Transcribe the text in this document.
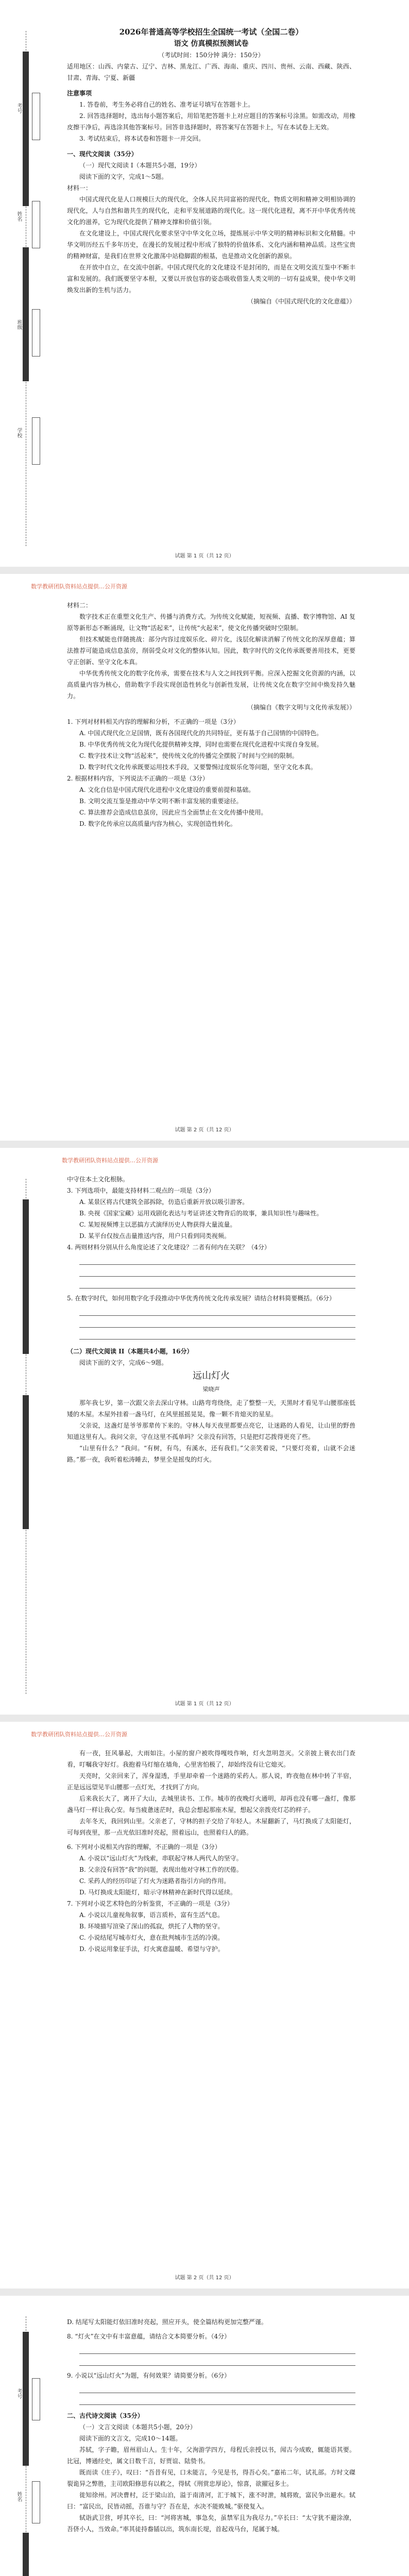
考号
姓名
班级
学校
2026年普通高等学校招生全国统一考试（全国二卷）
语文 仿真模拟预测试卷
（考试时间：150分钟 满分：150分）

适用地区：山西、内蒙古、辽宁、吉林、黑龙江、广西、海南、重庆、四川、贵州、云南、西藏、陕西、甘肃、青海、宁夏、新疆

注意事项

1. 答卷前，考生务必将自己的姓名、准考证号填写在答题卡上。

2. 回答选择题时，选出每小题答案后，用铅笔把答题卡上对应题目的答案标号涂黑。如需改动，用橡皮擦干净后，再选涂其他答案标号。回答非选择题时，将答案写在答题卡上，写在本试卷上无效。

3. 考试结束后，将本试卷和答题卡一并交回。

一、现代文阅读（35分）

（一）现代文阅读 I（本题共5小题，19分）

阅读下面的文字，完成1～5题。

材料一：

中国式现代化是人口规模巨大的现代化，全体人民共同富裕的现代化，物质文明和精神文明相协调的现代化，人与自然和谐共生的现代化，走和平发展道路的现代化。这一现代化进程，离不开中华优秀传统文化的滋养，它为现代化提供了精神支撑和价值引领。

在文化建设上，中国式现代化要求坚守中华文化立场，提炼展示中华文明的精神标识和文化精髓。中华文明历经五千多年历史，在漫长的发展过程中形成了独特的价值体系、文化内涵和精神品质。这些宝贵的精神财富，是我们在世界文化激荡中站稳脚跟的根基，也是推动文化创新的源泉。

在开放中自立，在交流中创新。中国式现代化的文化建设不是封闭的，而是在文明交流互鉴中不断丰富和发展的。我们既要坚守本根，又要以开放包容的姿态吸收借鉴人类文明的一切有益成果，使中华文明焕发出新的生机与活力。

（摘编自《中国式现代化的文化意蕴》）

试题 第 1 页（共 12 页）
数学教研团队资料站点提供…公开资源

材料二：

数字技术正在重塑文化生产、传播与消费方式。为传统文化赋能，短视频、直播、数字博物馆、AI 复原等新形态不断涌现，让文物“活起来”，让传统“火起来”，使文化传播突破时空限制。

但技术赋能也伴随挑战：部分内容过度娱乐化、碎片化，浅层化解读消解了传统文化的深厚意蕴；算法推荐可能造成信息茧房，削弱受众对文化的整体认知。因此，数字时代的文化传承既要善用技术，更要守正创新、坚守文化本真。

中华优秀传统文化的数字化传承，需要在技术与人文之间找到平衡。应深入挖掘文化资源的内涵，以高质量内容为核心，借助数字手段实现创造性转化与创新性发展，让传统文化在数字空间中焕发持久魅力。

（摘编自《数字文明与文化传承发展》）

1. 下列对材料相关内容的理解和分析，不正确的一项是（3分）

A. 中国式现代化立足国情，既有各国现代化的共同特征，更有基于自己国情的中国特色。

B. 中华优秀传统文化为现代化提供精神支撑，同时也需要在现代化进程中实现自身发展。

C. 数字技术让文物“活起来”，使传统文化的传播完全摆脱了时间与空间的限制。

D. 数字时代文化传承既要运用技术手段，又要警惕过度娱乐化等问题，坚守文化本真。

2. 根据材料内容，下列说法不正确的一项是（3分）

A. 文化自信是中国式现代化进程中文化建设的重要前提和基础。

B. 文明交流互鉴是推动中华文明不断丰富发展的重要途径。

C. 算法推荐会造成信息茧房，因此应当全面禁止在文化传播中使用。

D. 数字化传承应以高质量内容为核心，实现创造性转化。

试题 第 2 页（共 12 页）
数学教研团队资料站点提供…公开资源

中守住本土文化根脉。

3. 下列选项中，最能支持材料二观点的一项是（3分）

A. 某景区将古代建筑全部拆除，仿造后重新开放以吸引游客。

B. 央视《国家宝藏》运用戏剧化表达与考证讲述文物背后的故事，兼具知识性与趣味性。

C. 某短视频博主以恶搞方式演绎历史人物获得大量流量。

D. 某平台仅按点击量推送内容，用户只看到同类视频。

4. 两则材料分别从什么角度论述了文化建设？二者有何内在关联？（4分）

5. 在数字时代，如何用数字化手段推动中华优秀传统文化传承发展？请结合材料简要概括。（6分）

（二）现代文阅读 II（本题共4小题，16分）

阅读下面的文字，完成6～9题。

远山灯火
梁晓声

那年我七岁，第一次跟父亲去深山守林。山路弯弯绕绕，走了整整一天，天黑时才看见半山腰那座低矮的木屋。木屋外挂着一盏马灯，在风里摇摇晃晃，像一颗不肯熄灭的星星。

父亲说，这盏灯是爷爷那辈传下来的。守林人每天夜里都要点亮它，让迷路的人看见，让山里的野兽知道这里有人。我问父亲，守在这里不孤单吗？父亲没有回答，只是把灯芯拨得更亮了些。

“山里有什么？”我问。“有树，有鸟，有溪水，还有我们。”父亲笑着说，“只要灯亮着，山就不会迷路。”那一夜，我听着松涛睡去，梦里全是摇曳的灯火。

试题 第 1 页（共 12 页）
数学教研团队资料站点提供…公开资源

有一夜，狂风暴起，大雨如注。小屋的窗户被吹得嘎吱作响，灯火忽明忽灭。父亲披上蓑衣出门查看，叮嘱我守好灯。我抱着马灯缩在墙角，心里害怕极了，却始终没有让它熄灭。

天亮时，父亲回来了，浑身湿透，手里却牵着一个迷路的采药人。那人说，昨夜他在林中转了半宿，正是远远望见半山腰那一点灯光，才找到了方向。

后来我长大了，离开了大山，去城里读书、工作。城市的夜晚灯火通明，却再也没有哪一盏灯，像那盏马灯一样让我心安。每当疲惫迷茫时，我总会想起那座木屋，想起父亲拨亮灯芯的样子。

去年冬天，我回到山里。父亲老了，守林的担子交给了年轻人。木屋翻新了，马灯换成了太阳能灯，可每到夜里，那一点光依旧准时亮起，照着远山，也照着归人的路。

6. 下列对小说相关内容的理解，不正确的一项是（3分）

A. 小说以“远山灯火”为线索，串联起守林人两代人的坚守。

B. 父亲没有回答“我”的问题，表现出他对守林工作的厌倦。

C. 采药人的经历印证了灯火为迷路者指引方向的作用。

D. 马灯换成太阳能灯，暗示守林精神在新时代得以延续。

7. 下列对小说艺术特色的分析鉴赏，不正确的一项是（3分）

A. 小说以儿童视角叙事，语言质朴，富有生活气息。

B. 环境描写渲染了深山的孤寂，烘托了人物的坚守。

C. 小说结尾写城市灯火，意在批判城市生活的冷漠。

D. 小说运用象征手法，灯火寓意温暖、希望与守护。

试题 第 2 页（共 12 页）
考号
姓名

D. 结尾写太阳能灯依旧准时亮起，照应开头，使全篇结构更加完整严谨。

8. “灯火”在文中有丰富意蕴，请结合文本简要分析。（4分）

9. 小说以“远山灯火”为题，有何效果？请简要分析。（6分）

二、古代诗文阅读（35分）

（一）文言文阅读（本题共5小题，20分）

阅读下面的文言文，完成10～14题。

苏轼，字子瞻，眉州眉山人。生十年，父洵游学四方，母程氏亲授以书，闻古今成败，辄能语其要。比冠，博通经史，属文日数千言，好贾谊、陆贽书。

既而读《庄子》，叹曰：“吾昔有见，口未能言，今见是书，得吾心矣。”嘉祐二年，试礼部。方时文磔裂诡异之弊胜，主司欧阳修思有以救之，得轼《刑赏忠厚论》，惊喜，欲擢冠多士。

徙知徐州。河决曹村，泛于梁山泊，溢于南清河，汇于城下，涨不时泄，城将败，富民争出避水。轼曰：“富民出，民皆动摇，吾谁与守？吾在是，水决不能败城。”驱使复入。

轼诣武卫营，呼其卒长，曰：“河将害城，事急矣，虽禁军且为我尽力。”卒长曰：“太守犹不避涂潦，吾侪小人，当效命。”率其徒持畚锸以出，筑东南长堤，首起戏马台，尾属于城。
